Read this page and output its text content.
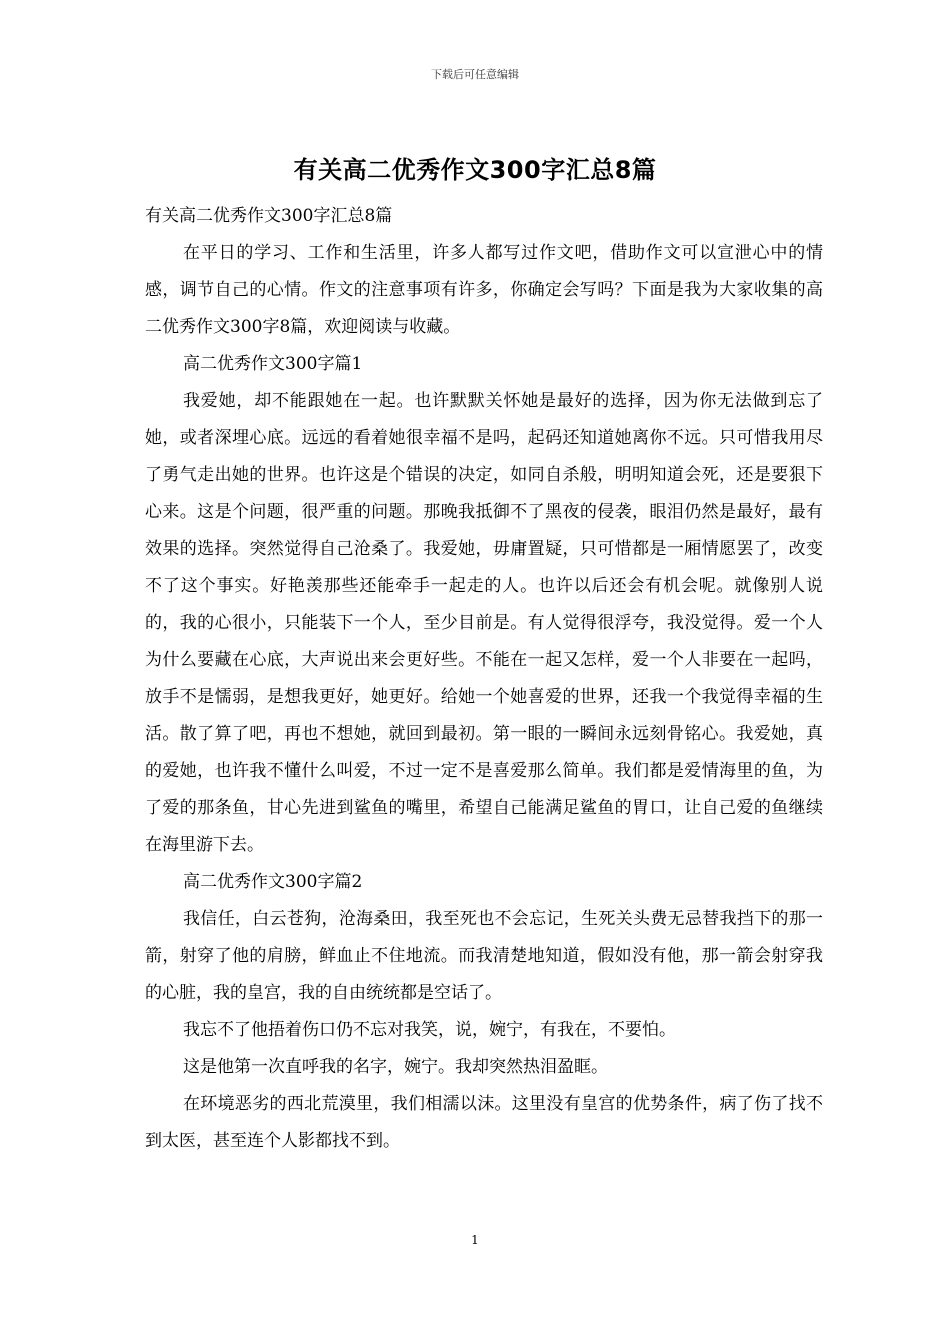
下载后可任意编辑
有关高二优秀作文300字汇总8篇

有关高二优秀作文300字汇总8篇

在平日的学习、工作和生活里，许多人都写过作文吧，借助作文可以宣泄心中的情感，调节自己的心情。作文的注意事项有许多，你确定会写吗？下面是我为大家收集的高二优秀作文300字8篇，欢迎阅读与收藏。

高二优秀作文300字篇1

我爱她，却不能跟她在一起。也许默默关怀她是最好的选择，因为你无法做到忘了她，或者深埋心底。远远的看着她很幸福不是吗，起码还知道她离你不远。只可惜我用尽了勇气走出她的世界。也许这是个错误的决定，如同自杀般，明明知道会死，还是要狠下心来。这是个问题，很严重的问题。那晚我抵御不了黑夜的侵袭，眼泪仍然是最好，最有效果的选择。突然觉得自己沧桑了。我爱她，毋庸置疑，只可惜都是一厢情愿罢了，改变不了这个事实。好艳羡那些还能牵手一起走的人。也许以后还会有机会呢。就像别人说的，我的心很小，只能装下一个人，至少目前是。有人觉得很浮夸，我没觉得。爱一个人为什么要藏在心底，大声说出来会更好些。不能在一起又怎样，爱一个人非要在一起吗，放手不是懦弱，是想我更好，她更好。给她一个她喜爱的世界，还我一个我觉得幸福的生活。散了算了吧，再也不想她，就回到最初。第一眼的一瞬间永远刻骨铭心。我爱她，真的爱她，也许我不懂什么叫爱，不过一定不是喜爱那么简单。我们都是爱情海里的鱼，为了爱的那条鱼，甘心先进到鲨鱼的嘴里，希望自己能满足鲨鱼的胃口，让自己爱的鱼继续在海里游下去。

高二优秀作文300字篇2

我信任，白云苍狗，沧海桑田，我至死也不会忘记，生死关头费无忌替我挡下的那一箭，射穿了他的肩膀，鲜血止不住地流。而我清楚地知道，假如没有他，那一箭会射穿我的心脏，我的皇宫，我的自由统统都是空话了。

我忘不了他捂着伤口仍不忘对我笑，说，婉宁，有我在，不要怕。

这是他第一次直呼我的名字，婉宁。我却突然热泪盈眶。

在环境恶劣的西北荒漠里，我们相濡以沫。这里没有皇宫的优势条件，病了伤了找不到太医，甚至连个人影都找不到。

1
